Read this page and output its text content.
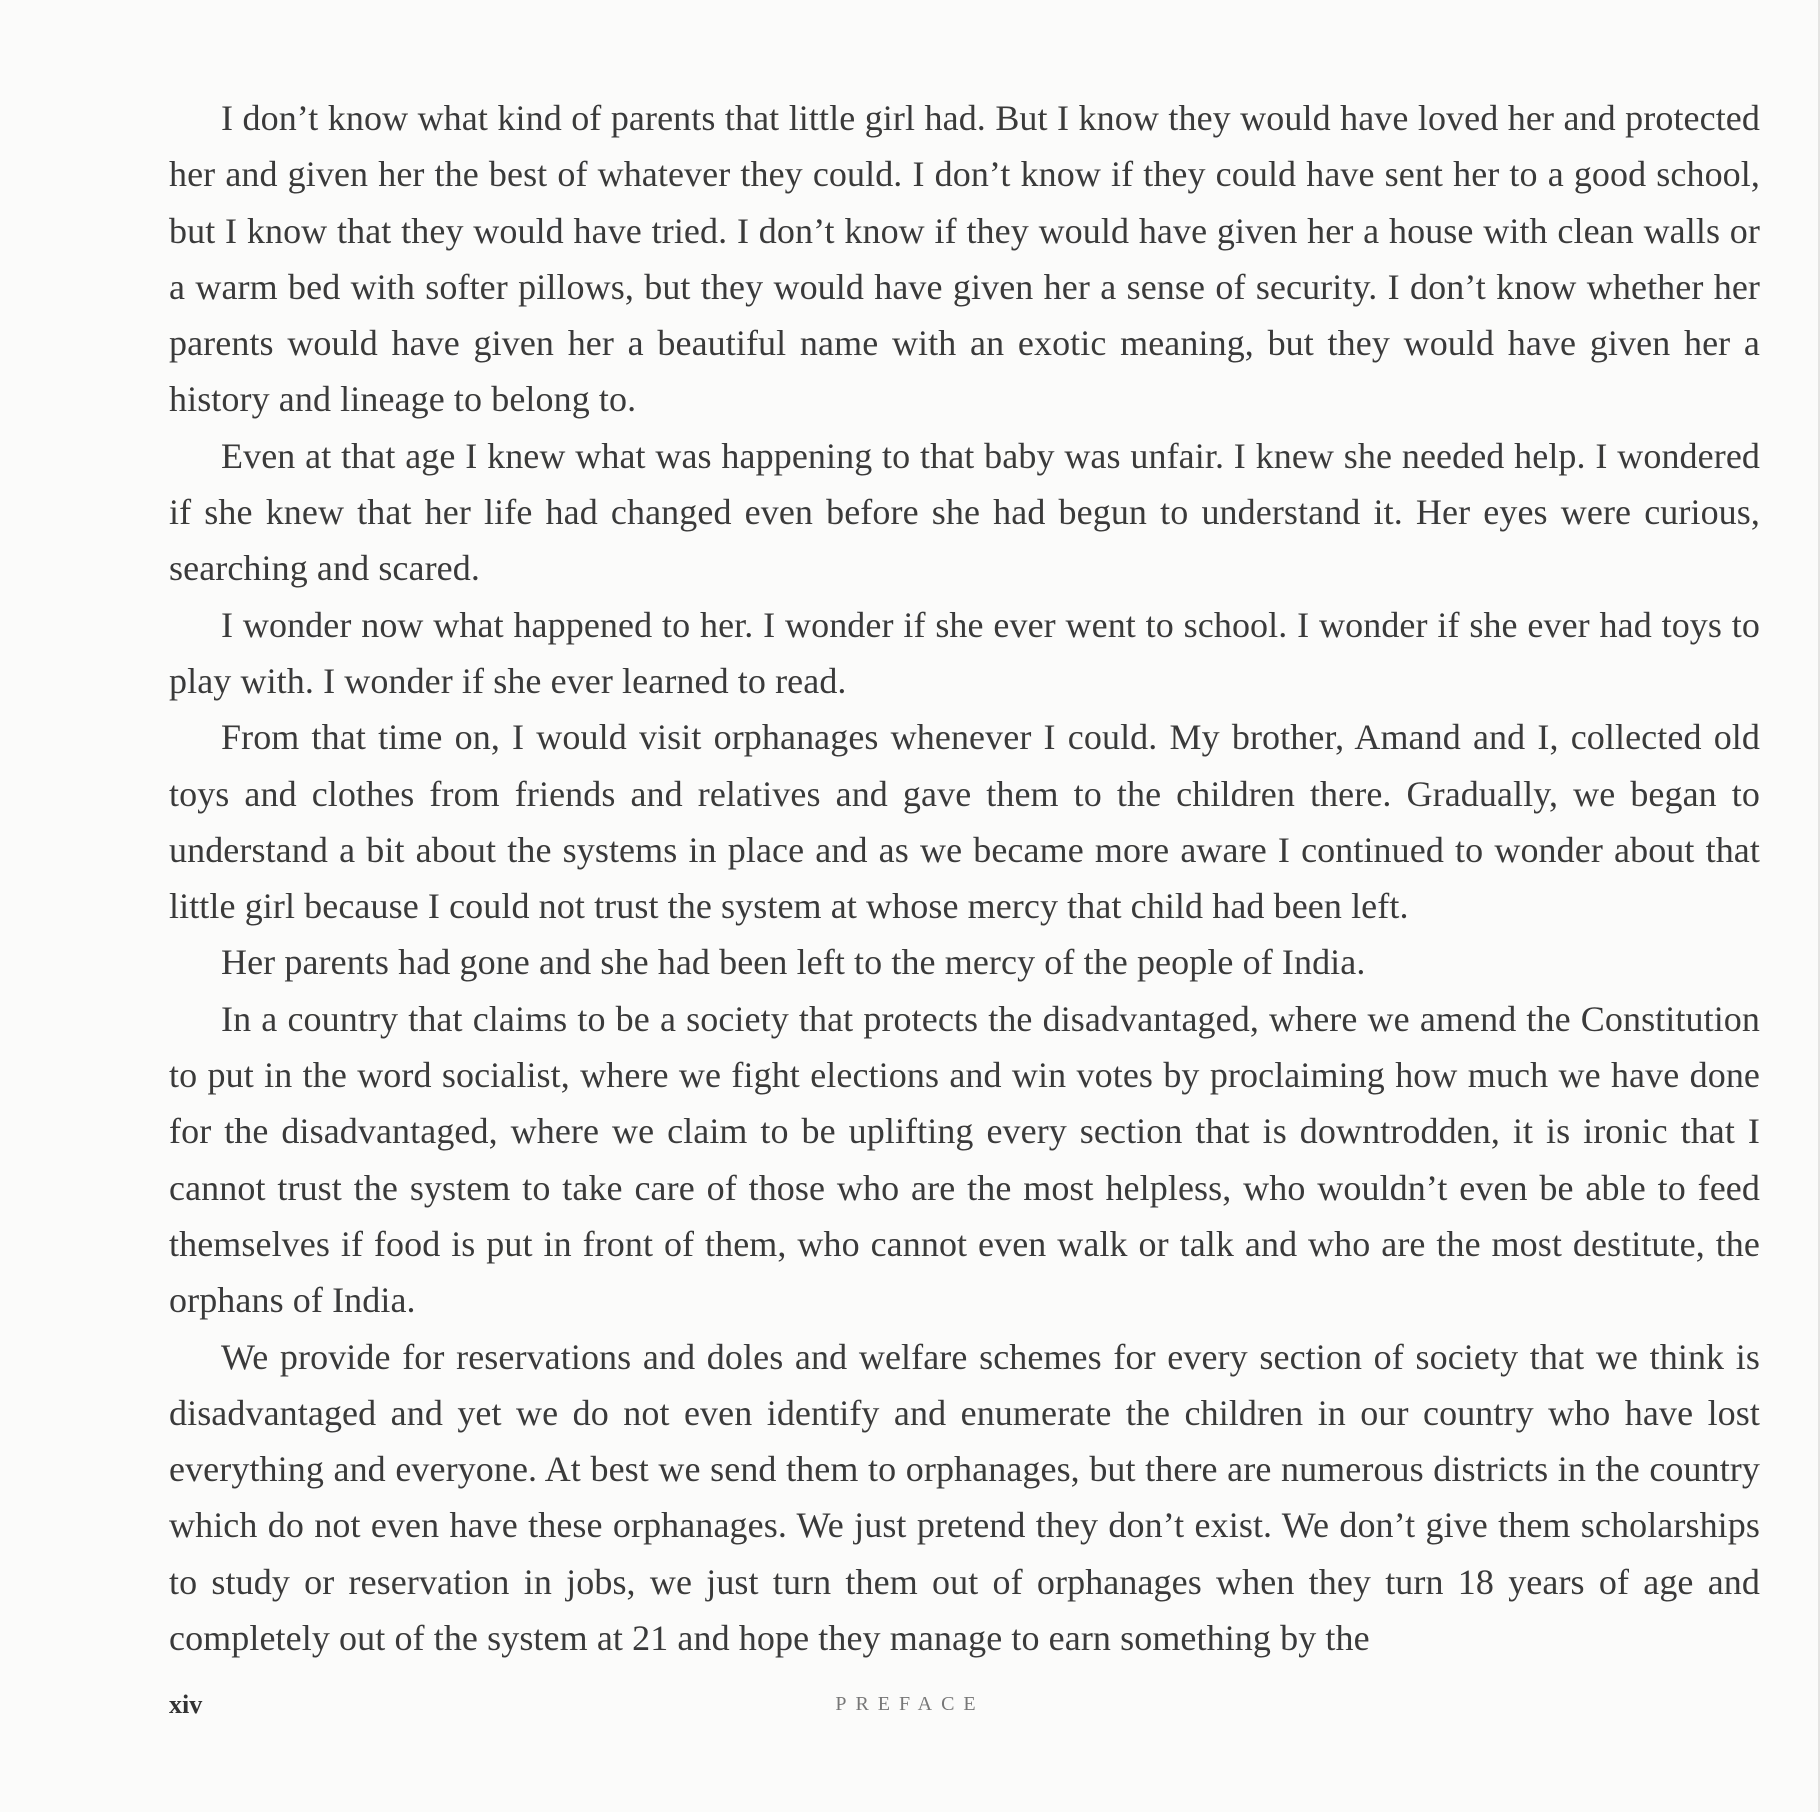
I don’t know what kind of parents that little girl had. But I know they would have loved her and protected her and given her the best of whatever they could. I don’t know if they could have sent her to a good school, but I know that they would have tried. I don’t know if they would have given her a house with clean walls or a warm bed with softer pillows, but they would have given her a sense of security. I don’t know whether her parents would have given her a beautiful name with an exotic meaning, but they would have given her a history and lineage to belong to.

Even at that age I knew what was happening to that baby was unfair. I knew she needed help. I wondered if she knew that her life had changed even before she had begun to understand it. Her eyes were curious, searching and scared.

I wonder now what happened to her. I wonder if she ever went to school. I wonder if she ever had toys to play with. I wonder if she ever learned to read.

From that time on, I would visit orphanages whenever I could. My brother, Amand and I, collected old toys and clothes from friends and relatives and gave them to the children there. Gradually, we began to understand a bit about the systems in place and as we became more aware I continued to wonder about that little girl because I could not trust the system at whose mercy that child had been left.

Her parents had gone and she had been left to the mercy of the people of India.

In a country that claims to be a society that protects the disadvantaged, where we amend the Constitution to put in the word socialist, where we fight elections and win votes by proclaiming how much we have done for the disadvantaged, where we claim to be uplifting every section that is downtrodden, it is ironic that I cannot trust the system to take care of those who are the most helpless, who wouldn’t even be able to feed themselves if food is put in front of them, who cannot even walk or talk and who are the most destitute, the orphans of India.

We provide for reservations and doles and welfare schemes for every section of society that we think is disadvantaged and yet we do not even identify and enumerate the children in our country who have lost everything and everyone. At best we send them to orphanages, but there are numerous districts in the country which do not even have these orphanages. We just pretend they don’t exist. We don’t give them scholarships to study or reservation in jobs, we just turn them out of orphanages when they turn 18 years of age and completely out of the system at 21 and hope they manage to earn something by the

xiv	PREFACE
